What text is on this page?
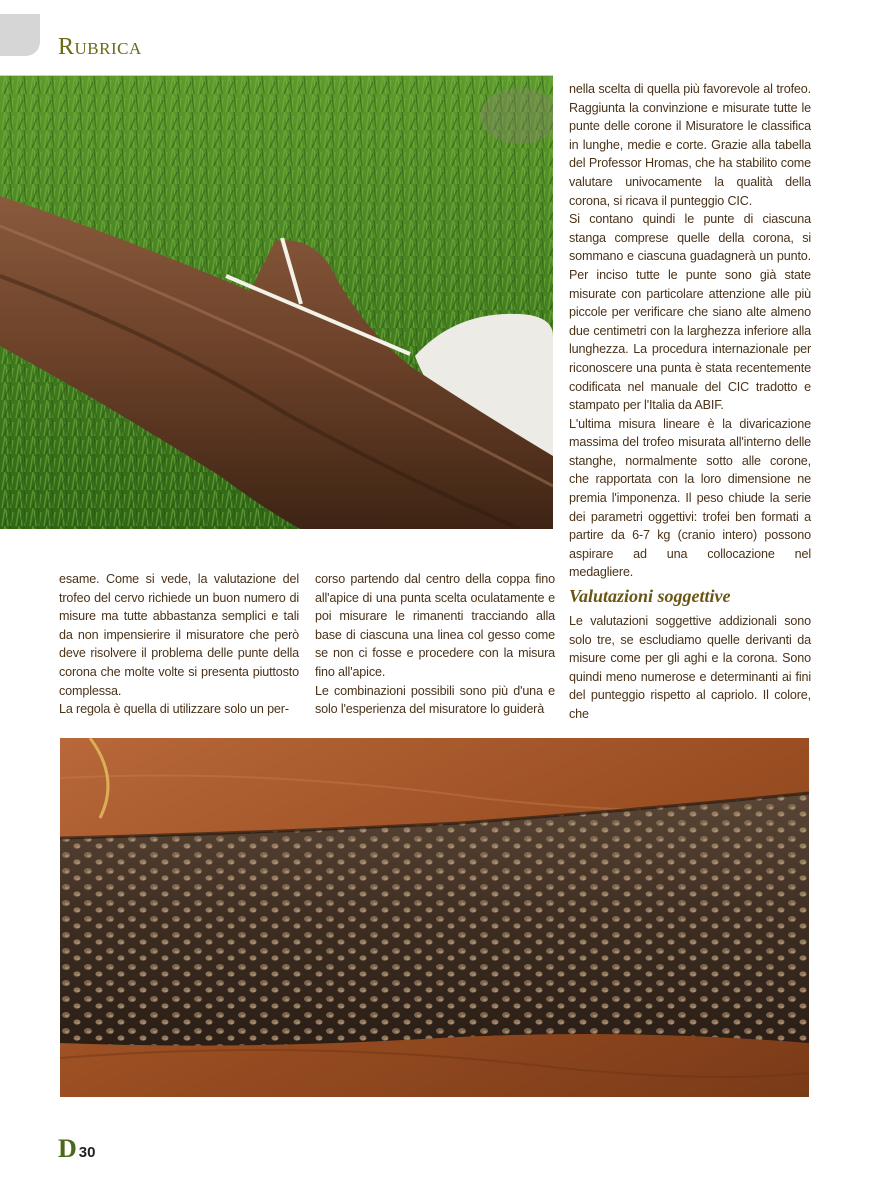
Rubrica

nella scelta di quella più favorevole al trofeo. Raggiunta la convinzione e misurate tutte le punte delle corone il Misuratore le classifica in lunghe, medie e corte. Grazie alla tabella del Professor Hromas, che ha stabilito come valutare univocamente la qualità della corona, si ricava il punteggio CIC.

Si contano quindi le punte di ciascuna stanga comprese quelle della corona, si sommano e ciascuna guadagnerà un punto. Per inciso tutte le punte sono già state misurate con particolare attenzione alle più piccole per verificare che siano alte almeno due centimetri con la larghezza inferiore alla lunghezza. La procedura internazionale per riconoscere una punta è stata recentemente codificata nel manuale del CIC tradotto e stampato per l'Italia da ABIF.

L'ultima misura lineare è la divaricazione massima del trofeo misurata all'interno delle stanghe, normalmente sotto alle corone, che rapportata con la loro dimensione ne premia l'imponenza. Il peso chiude la serie dei parametri oggettivi: trofei ben formati a partire da 6-7 kg (cranio intero) possono aspirare ad una collocazione nel medagliere.

esame. Come si vede, la valutazione del trofeo del cervo richiede un buon numero di misure ma tutte abbastanza semplici e tali da non impensierire il misuratore che però deve risolvere il problema delle punte della corona che molte volte si presenta piuttosto complessa.

La regola è quella di utilizzare solo un per-

corso partendo dal centro della coppa fino all'apice di una punta scelta oculatamente e poi misurare le rimanenti tracciando alla base di ciascuna una linea col gesso come se non ci fosse e procedere con la misura fino all'apice.

Le combinazioni possibili sono più d'una e solo l'esperienza del misuratore lo guiderà

Valutazioni soggettive

Le valutazioni soggettive addizionali sono solo tre, se escludiamo quelle derivanti da misure come per gli aghi e la corona. Sono quindi meno numerose e determinanti ai fini del punteggio rispetto al capriolo. Il colore, che

D 30
